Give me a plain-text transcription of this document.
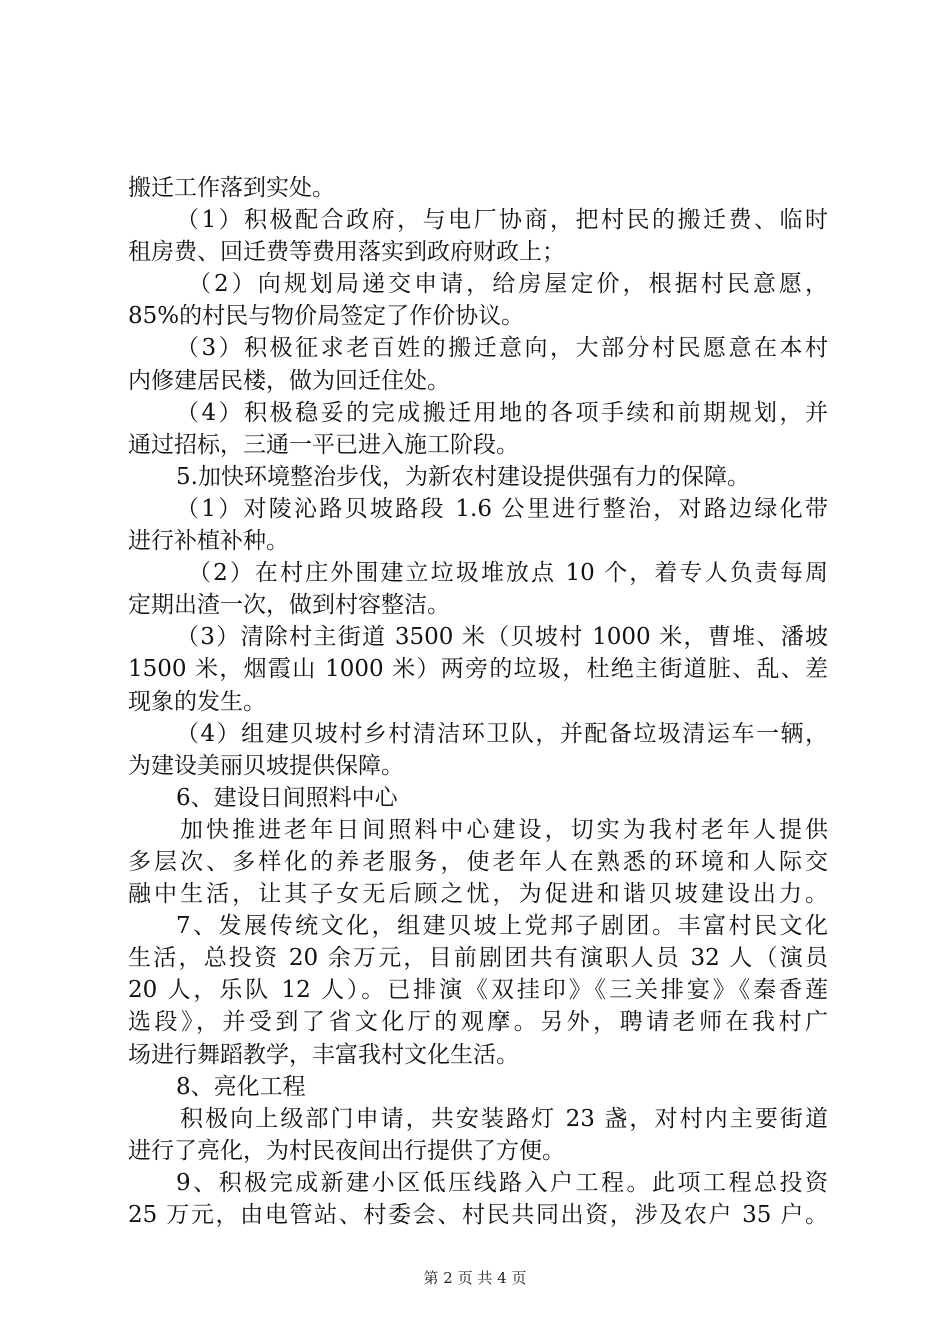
搬迁工作落到实处。
（1）积极配合政府，与电厂协商，把村民的搬迁费、临时
租房费、回迁费等费用落实到政府财政上；
（2）向规划局递交申请，给房屋定价，根据村民意愿，
85%的村民与物价局签定了作价协议。
（3）积极征求老百姓的搬迁意向，大部分村民愿意在本村
内修建居民楼，做为回迁住处。
（4）积极稳妥的完成搬迁用地的各项手续和前期规划，并
通过招标，三通一平已进入施工阶段。
5.加快环境整治步伐，为新农村建设提供强有力的保障。
（1）对陵沁路贝坡路段 1.6 公里进行整治，对路边绿化带
进行补植补种。
（2）在村庄外围建立垃圾堆放点 10 个，着专人负责每周
定期出渣一次，做到村容整洁。
（3）清除村主街道 3500 米（贝坡村 1000 米，曹堆、潘坡
1500 米，烟霞山 1000 米）两旁的垃圾，杜绝主街道脏、乱、差
现象的发生。
（4）组建贝坡村乡村清洁环卫队，并配备垃圾清运车一辆，
为建设美丽贝坡提供保障。
6、建设日间照料中心
加快推进老年日间照料中心建设，切实为我村老年人提供
多层次、多样化的养老服务，使老年人在熟悉的环境和人际交
融中生活，让其子女无后顾之忧，为促进和谐贝坡建设出力。
7、发展传统文化，组建贝坡上党邦子剧团。丰富村民文化
生活，总投资 20 余万元，目前剧团共有演职人员 32 人（演员
20 人，乐队 12 人）。已排演《双挂印》《三关排宴》《秦香莲
选段》，并受到了省文化厅的观摩。另外，聘请老师在我村广
场进行舞蹈教学，丰富我村文化生活。
8、亮化工程
积极向上级部门申请，共安装路灯 23 盏，对村内主要街道
进行了亮化，为村民夜间出行提供了方便。
9、积极完成新建小区低压线路入户工程。此项工程总投资
25 万元，由电管站、村委会、村民共同出资，涉及农户 35 户。
第 2 页 共 4 页
